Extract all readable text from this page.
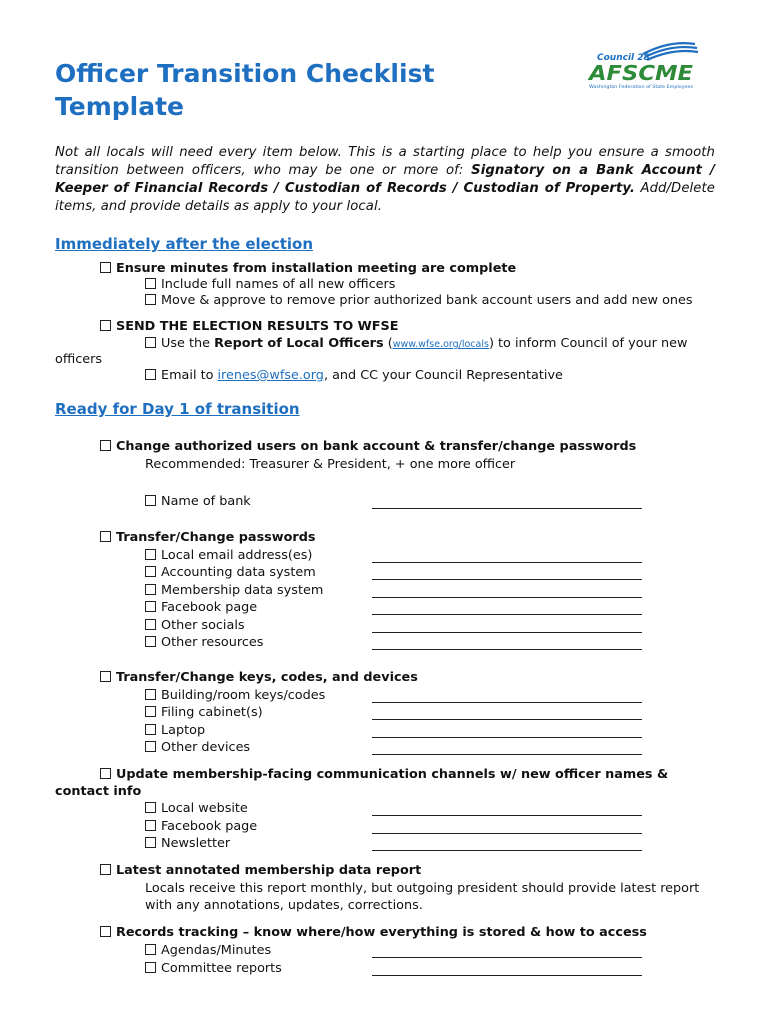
Officer Transition Checklist Template
Council 28
AFSCME
Washington Federation of State Employees

Not all locals will need every item below. This is a starting place to help you ensure a smooth transition between officers, who may be one or more of: Signatory on a Bank Account / Keeper of Financial Records / Custodian of Records / Custodian of Property. Add/Delete items, and provide details as apply to your local.

Immediately after the election
Ensure minutes from installation meeting are complete
Include full names of all new officers
Move & approve to remove prior authorized bank account users and add new ones
SEND THE ELECTION RESULTS TO WFSE
Use the Report of Local Officers (www.wfse.org/locals) to inform Council of your new
officers
Email to irenes@wfse.org, and CC your Council Representative
Ready for Day 1 of transition
Change authorized users on bank account & transfer/change passwords
Recommended: Treasurer & President, + one more officer
Name of bank
Transfer/Change passwords
Local email address(es)
Accounting data system
Membership data system
Facebook page
Other socials
Other resources
Transfer/Change keys, codes, and devices
Building/room keys/codes
Filing cabinet(s)
Laptop
Other devices
Update membership-facing communication channels w/ new officer names &
contact info
Local website
Facebook page
Newsletter
Latest annotated membership data report
Locals receive this report monthly, but outgoing president should provide latest report
with any annotations, updates, corrections.
Records tracking – know where/how everything is stored & how to access
Agendas/Minutes
Committee reports
